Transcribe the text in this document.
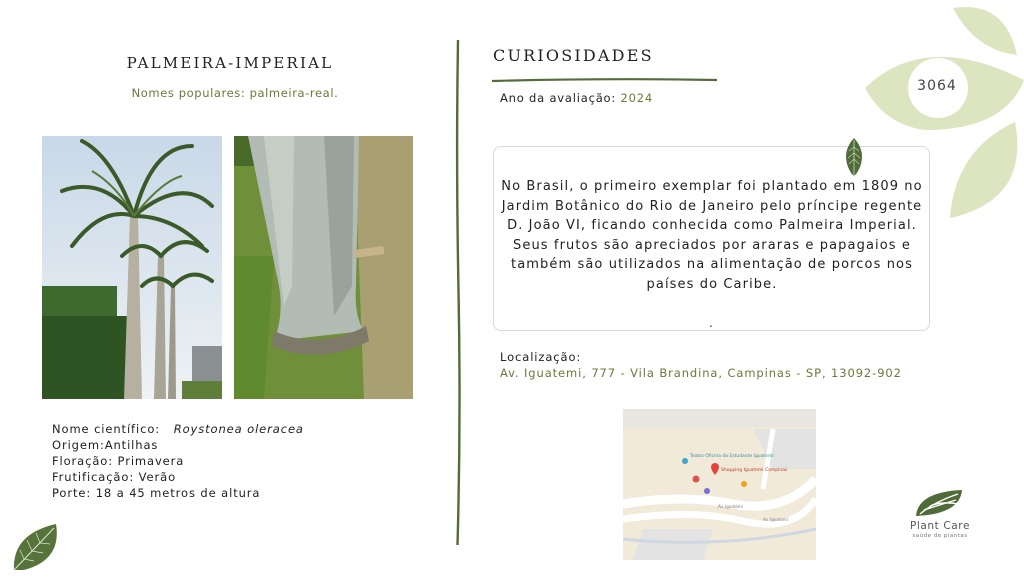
PALMEIRA-IMPERIAL
Nomes populares: palmeira-real.
Nome científico: Roystonea oleracea
Origem:Antilhas
Floração: Primavera
Frutificação: Verão
Porte: 18 a 45 metros de altura
CURIOSIDADES
Ano da avaliação: 2024
No Brasil, o primeiro exemplar foi plantado em 1809 no Jardim Botânico do Rio de Janeiro pelo príncipe regente D. João VI, ficando conhecida como Palmeira Imperial. Seus frutos são apreciados por araras e papagaios e também são utilizados na alimentação de porcos nos países do Caribe.
.
Localização:
Av. Iguatemi, 777 - Vila Brandina, Campinas - SP, 13092-902
Teatro Oficina do Estudante Iguatemi
Shopping Iguatemi Campinas
Av. Iguatemi
Av. Iguatemi
3064
Plant Care
saúde de plantas
